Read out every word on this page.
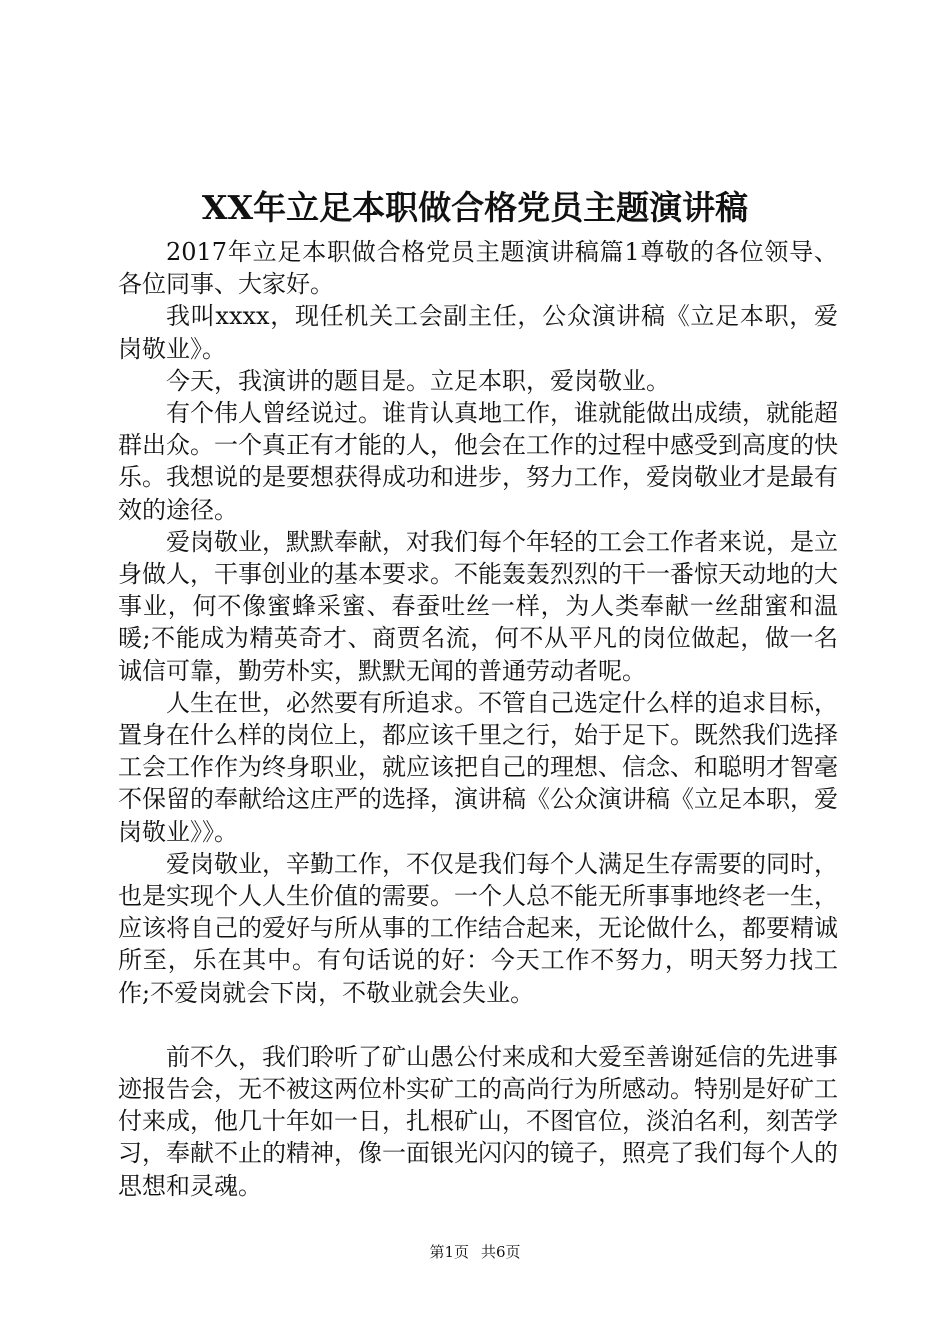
XX年立足本职做合格党员主题演讲稿

2017年立足本职做合格党员主题演讲稿篇1尊敬的各位领导、各位同事、大家好。

我叫xxxx，现任机关工会副主任，公众演讲稿《立足本职，爱岗敬业》。

今天，我演讲的题目是。立足本职，爱岗敬业。

有个伟人曾经说过。谁肯认真地工作，谁就能做出成绩，就能超群出众。一个真正有才能的人，他会在工作的过程中感受到高度的快乐。我想说的是要想获得成功和进步，努力工作，爱岗敬业才是最有效的途径。

爱岗敬业，默默奉献，对我们每个年轻的工会工作者来说，是立身做人，干事创业的基本要求。不能轰轰烈烈的干一番惊天动地的大事业，何不像蜜蜂采蜜、春蚕吐丝一样，为人类奉献一丝甜蜜和温暖;不能成为精英奇才、商贾名流，何不从平凡的岗位做起，做一名诚信可靠，勤劳朴实，默默无闻的普通劳动者呢。

人生在世，必然要有所追求。不管自己选定什么样的追求目标，置身在什么样的岗位上，都应该千里之行，始于足下。既然我们选择工会工作作为终身职业，就应该把自己的理想、信念、和聪明才智毫不保留的奉献给这庄严的选择，演讲稿《公众演讲稿《立足本职，爱岗敬业》》。

爱岗敬业，辛勤工作，不仅是我们每个人满足生存需要的同时，也是实现个人人生价值的需要。一个人总不能无所事事地终老一生，应该将自己的爱好与所从事的工作结合起来，无论做什么，都要精诚所至，乐在其中。有句话说的好：今天工作不努力，明天努力找工作;不爱岗就会下岗，不敬业就会失业。

前不久，我们聆听了矿山愚公付来成和大爱至善谢延信的先进事迹报告会，无不被这两位朴实矿工的高尚行为所感动。特别是好矿工付来成，他几十年如一日，扎根矿山，不图官位，淡泊名利，刻苦学习，奉献不止的精神，像一面银光闪闪的镜子，照亮了我们每个人的思想和灵魂。

第1页 共6页
